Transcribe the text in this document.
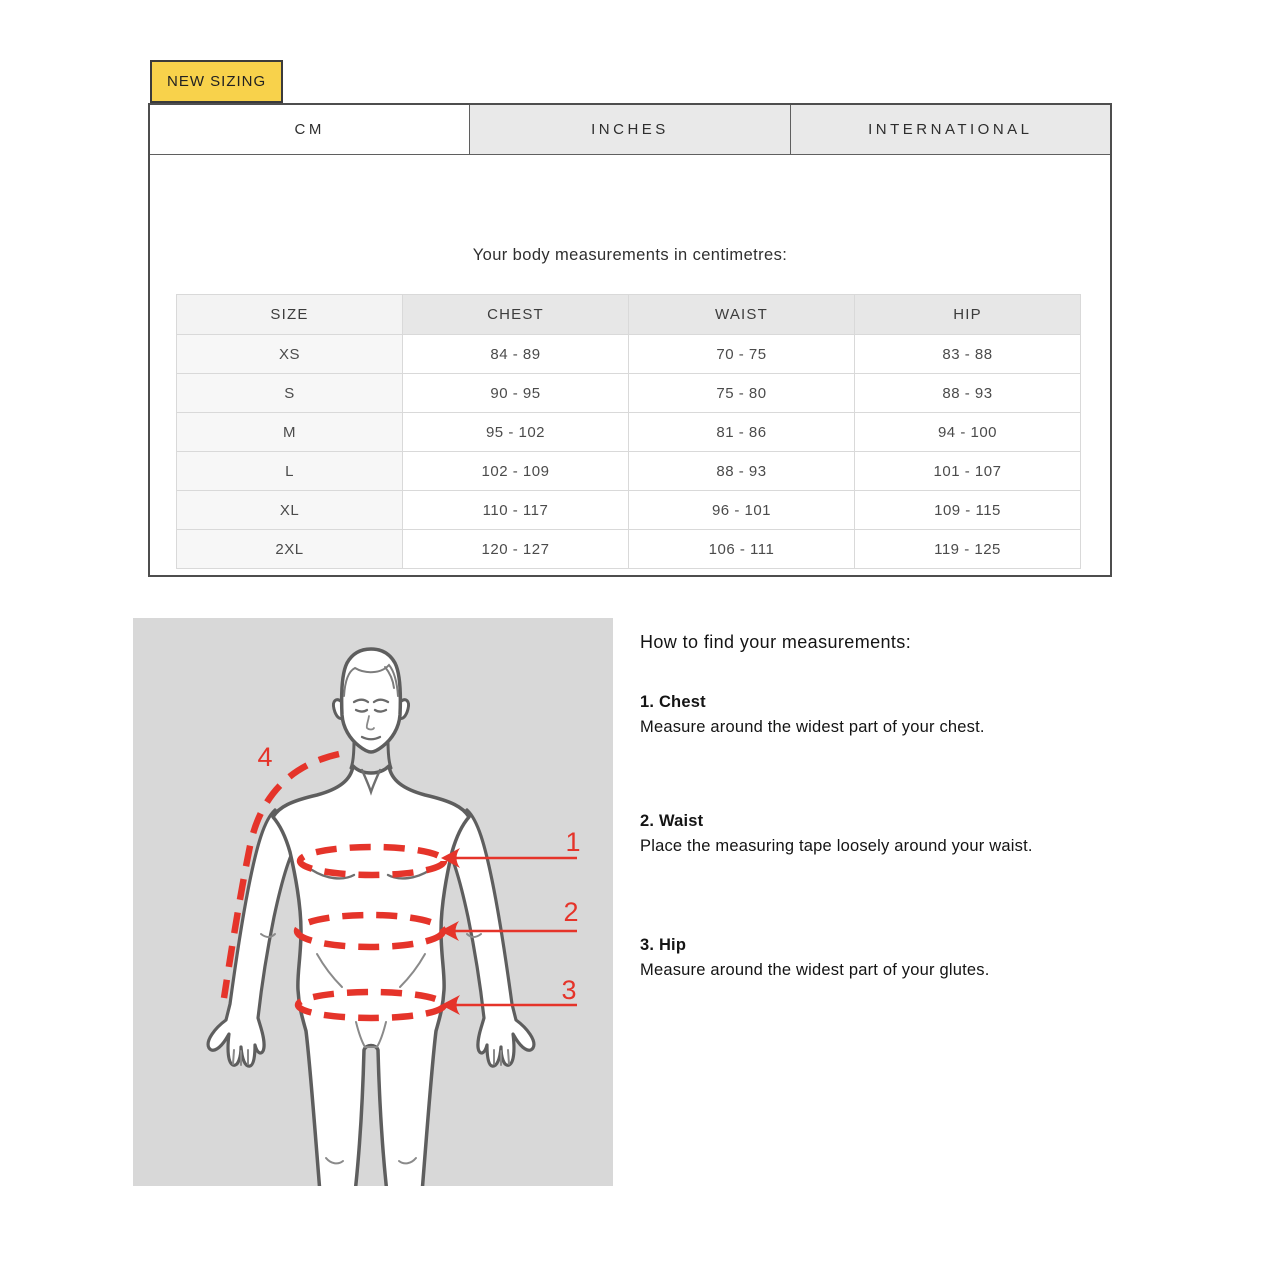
NEW SIZING
CM	INCHES	INTERNATIONAL
Your body measurements in centimetres:
SIZE	CHEST	WAIST	HIP
XS	84 - 89	70 - 75	83 - 88
S	90 - 95	75 - 80	88 - 93
M	95 - 102	81 - 86	94 - 100
L	102 - 109	88 - 93	101 - 107
XL	110 - 117	96 - 101	109 - 115
2XL	120 - 127	106 - 111	119 - 125
1
2
3
4
How to find your measurements:
1. Chest
Measure around the widest part of your chest.
2. Waist
Place the measuring tape loosely around your waist.
3. Hip
Measure around the widest part of your glutes.
